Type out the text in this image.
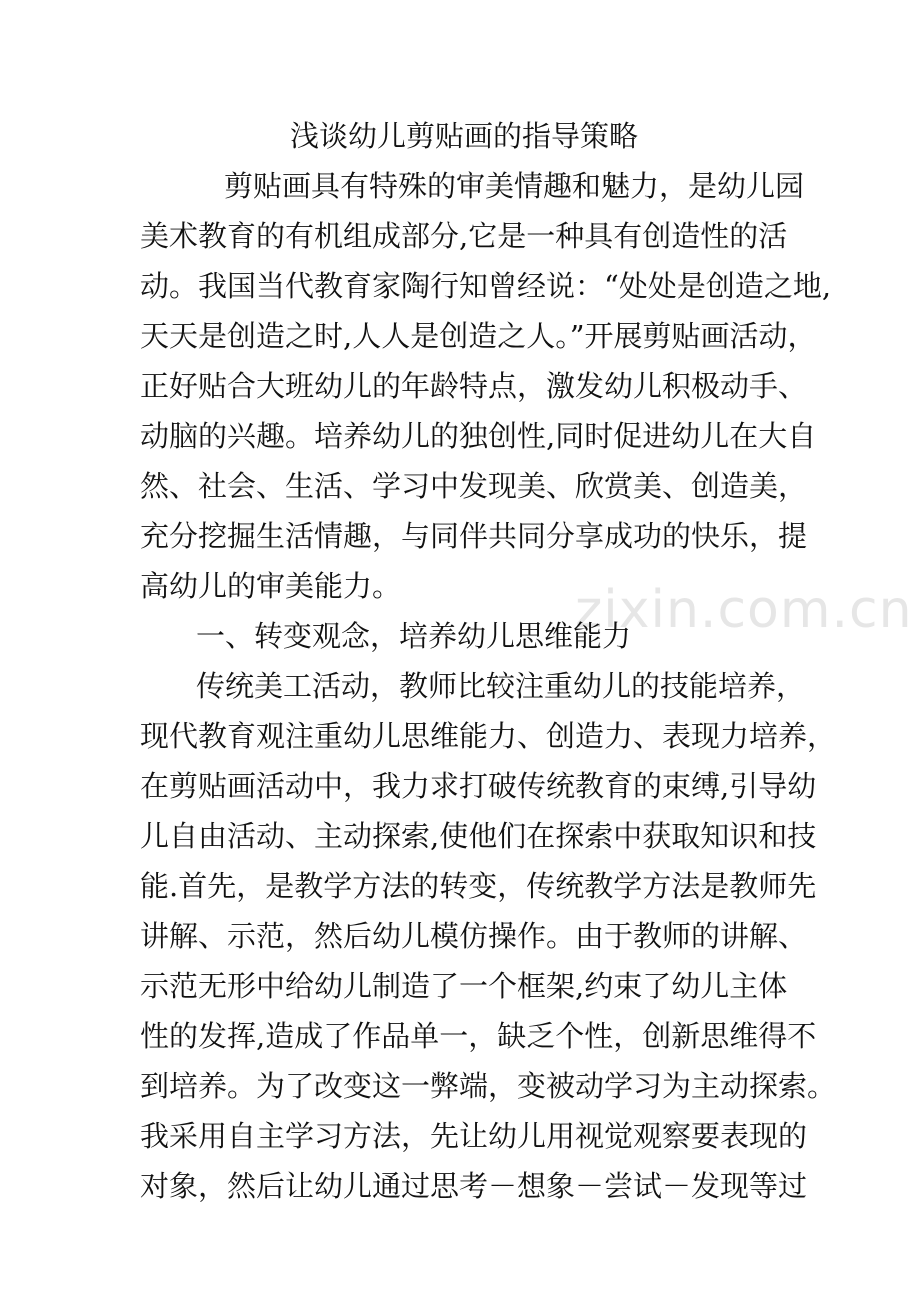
zixin.com.cn
浅谈幼儿剪贴画的指导策略
剪贴画具有特殊的审美情趣和魅力，是幼儿园
美术教育的有机组成部分,它是一种具有创造性的活
动。我国当代教育家陶行知曾经说：“处处是创造之地,
天天是创造之时,人人是创造之人。”开展剪贴画活动，
正好贴合大班幼儿的年龄特点，激发幼儿积极动手、
动脑的兴趣。培养幼儿的独创性,同时促进幼儿在大自
然、社会、生活、学习中发现美、欣赏美、创造美，
充分挖掘生活情趣，与同伴共同分享成功的快乐，提
高幼儿的审美能力。
一、转变观念，培养幼儿思维能力
传统美工活动，教师比较注重幼儿的技能培养，
现代教育观注重幼儿思维能力、创造力、表现力培养，
在剪贴画活动中，我力求打破传统教育的束缚,引导幼
儿自由活动、主动探索,使他们在探索中获取知识和技
能.首先，是教学方法的转变，传统教学方法是教师先
讲解、示范，然后幼儿模仿操作。由于教师的讲解、
示范无形中给幼儿制造了一个框架,约束了幼儿主体
性的发挥,造成了作品单一，缺乏个性，创新思维得不
到培养。为了改变这一弊端，变被动学习为主动探索。
我采用自主学习方法，先让幼儿用视觉观察要表现的
对象，然后让幼儿通过思考－想象－尝试－发现等过
